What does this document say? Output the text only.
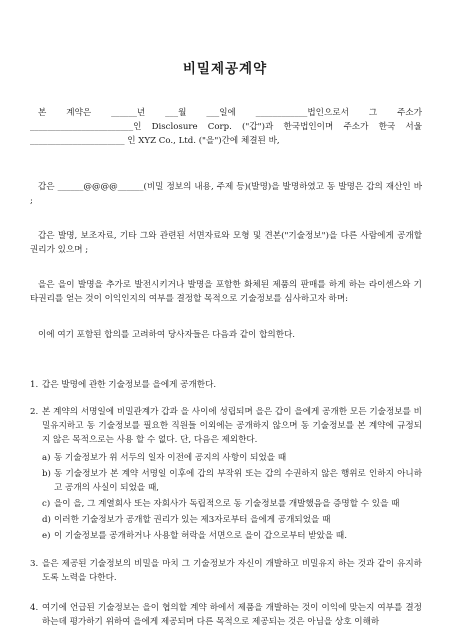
비밀제공계약

본 계약은 ______년 ___월 ___일에 ____________법인으로서 그 주소가

________________________인 Disclosure Corp. ("갑")과 한국법인이며 주소가 한국 서울

______________________ 인 XYZ Co., Ltd. ("을")간에 체결된 바,

갑은 ______@@@@______(비밀 정보의 내용, 주제 등)(발명)을 발명하였고 동 발명은 갑의 재산인 바 ;

갑은 발명, 보조자료, 기타 그와 관련된 서면자료와 모형 및 견본("기술정보")을 다른 사람에게 공개할 권리가 있으며 ;

을은 을이 발명을 추가로 발전시키거나 발명을 포함한 화체된 제품의 판매를 하게 하는 라이센스와 기타권리를 얻는 것이 이익인지의 여부를 결정할 목적으로 기술정보를 심사하고자 하며:

이에 여기 포함된 합의를 고려하여 당사자들은 다음과 같이 합의한다.

1. 갑은 발명에 관한 기술정보를 을에게 공개한다.

2. 본 계약의 서명일에 비밀관계가 갑과 을 사이에 성립되며 을은 갑이 을에게 공개한 모든 기술정보를 비밀유지하고 동 기술정보를 필요한 직원들 이외에는 공개하지 않으며 동 기술정보를 본 계약에 규정되지 않은 목적으로는 사용 할 수 없다. 단, 다음은 제외한다.

a) 동 기술정보가 위 서두의 일자 이전에 공지의 사항이 되었을 때

b) 동 기술정보가 본 계약 서명일 이후에 갑의 부작위 또는 갑의 수권하지 않은 행위로 인하지 아니하고 공개의 사실이 되었을 때,

c) 을이 을, 그 계열회사 또는 자회사가 독립적으로 동 기술정보를 개발했음을 증명할 수 있을 때

d) 이러한 기술정보가 공개할 권리가 있는 제3자로부터 을에게 공개되었을 때

e) 이 기술정보를 공개하거나 사용할 허락을 서면으로 을이 갑으로부터 받았을 때.

3. 을은 제공된 기술정보의 비밀을 마치 그 기술정보가 자신이 개발하고 비밀유지 하는 것과 같이 유지하도록 노력을 다한다.

4. 여기에 언급된 기술정보는 을이 협의할 계약 하에서 제품을 개발하는 것이 이익에 맞는지 여부를 결정하는데 평가하기 위하여 을에게 제공되며 다른 목적으로 제공되는 것은 아님을 상호 이해하
